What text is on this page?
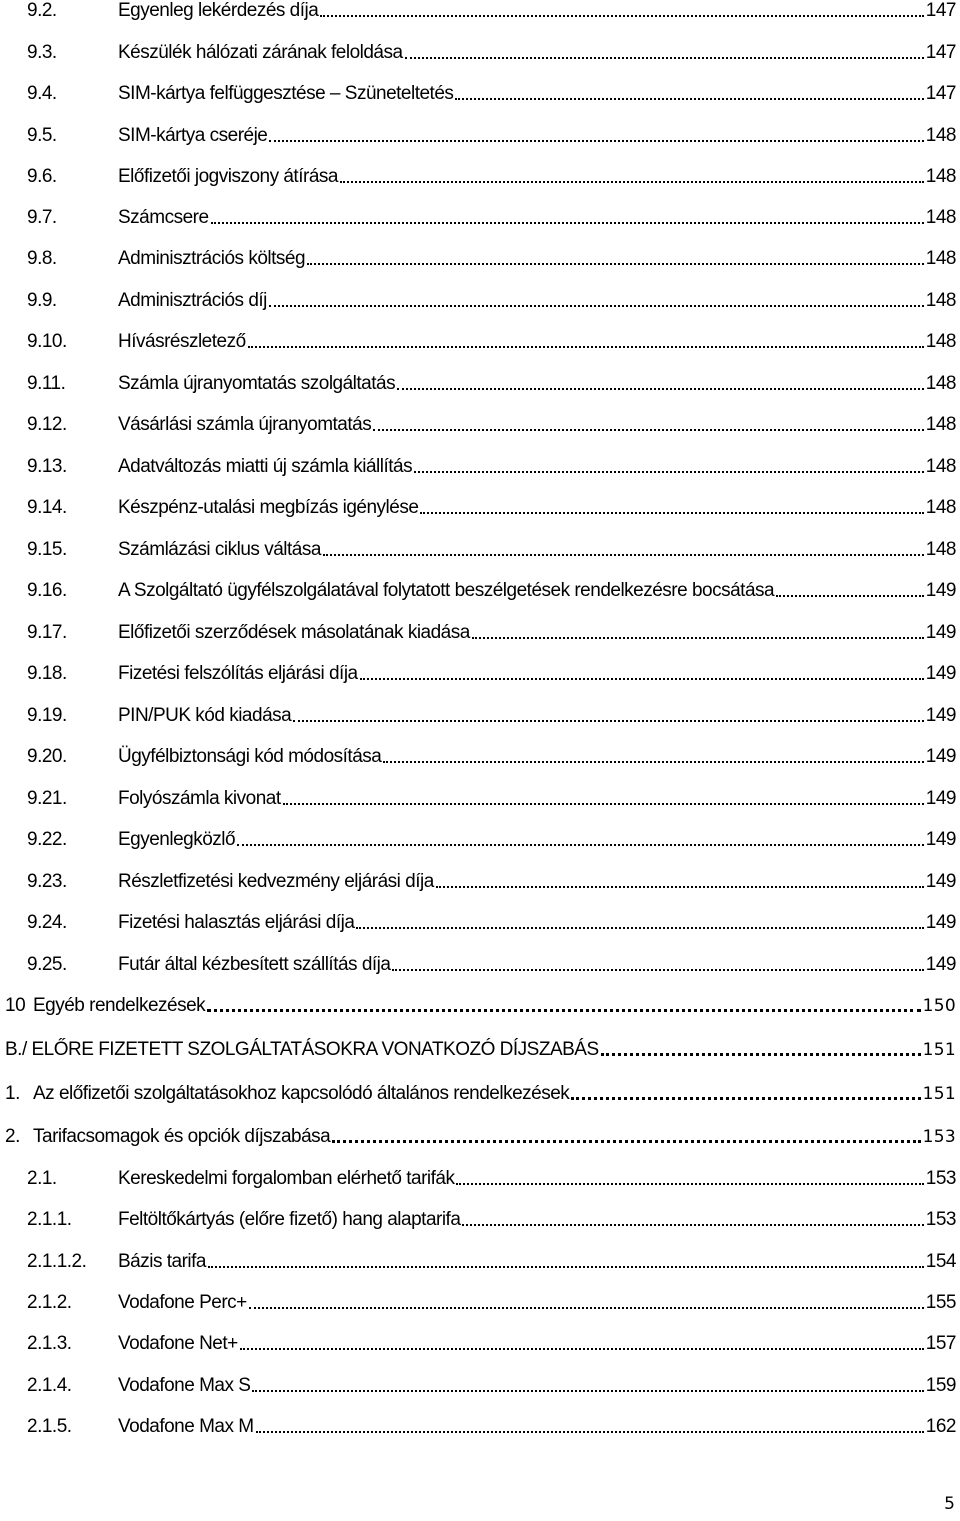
9.2.	Egyenleg lekérdezés díja	147
9.3.	Készülék hálózati zárának feloldása	147
9.4.	SIM-kártya felfüggesztése – Szüneteltetés	147
9.5.	SIM-kártya cseréje	148
9.6.	Előfizetői jogviszony átírása	148
9.7.	Számcsere	148
9.8.	Adminisztrációs költség	148
9.9.	Adminisztrációs díj	148
9.10.	Hívásrészletező	148
9.11.	Számla újranyomtatás szolgáltatás	148
9.12.	Vásárlási számla újranyomtatás	148
9.13.	Adatváltozás miatti új számla kiállítás	148
9.14.	Készpénz-utalási megbízás igénylése	148
9.15.	Számlázási ciklus váltása	148
9.16.	A Szolgáltató ügyfélszolgálatával folytatott beszélgetések rendelkezésre bocsátása	149
9.17.	Előfizetői szerződések másolatának kiadása	149
9.18.	Fizetési felszólítás eljárási díja	149
9.19.	PIN/PUK kód kiadása	149
9.20.	Ügyfélbiztonsági kód módosítása	149
9.21.	Folyószámla kivonat	149
9.22.	Egyenlegközlő	149
9.23.	Részletfizetési kedvezmény eljárási díja	149
9.24.	Fizetési halasztás eljárási díja	149
9.25.	Futár által kézbesített szállítás díja	149
10 Egyéb rendelkezések	150
B./ ELŐRE FIZETETT SZOLGÁLTATÁSOKRA VONATKOZÓ DÍJSZABÁS	151
1. Az előfizetői szolgáltatásokhoz kapcsolódó általános rendelkezések	151
2. Tarifacsomagok és opciók díjszabása	153
2.1.	Kereskedelmi forgalomban elérhető tarifák	153
2.1.1. Feltöltőkártyás (előre fizető) hang alaptarifa	153
2.1.1.2. Bázis tarifa	154
2.1.2. Vodafone Perc+	155
2.1.3. Vodafone Net+	157
2.1.4. Vodafone Max S	159
2.1.5. Vodafone Max M	162
5
